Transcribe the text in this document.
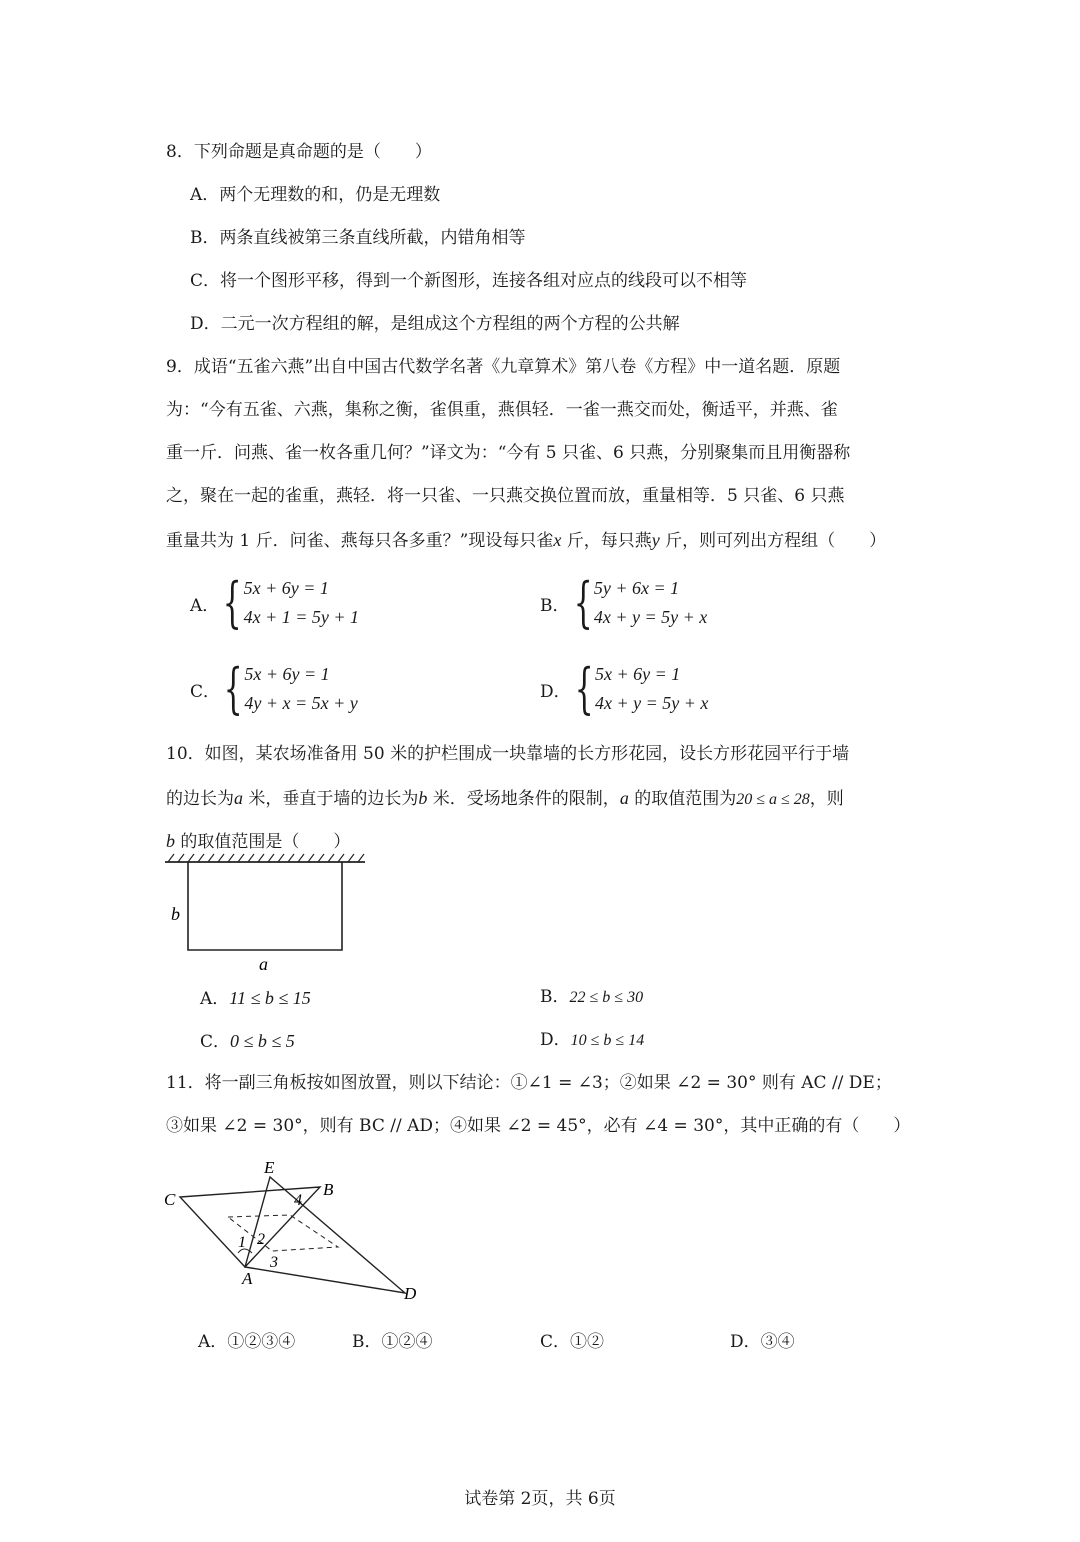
8．下列命题是真命题的是（　　）
A．两个无理数的和，仍是无理数
B．两条直线被第三条直线所截，内错角相等
C．将一个图形平移，得到一个新图形，连接各组对应点的线段可以不相等
D．二元一次方程组的解，是组成这个方程组的两个方程的公共解
9．成语“五雀六燕”出自中国古代数学名著《九章算术》第八卷《方程》中一道名题．原题
为：“今有五雀、六燕，集称之衡，雀俱重，燕俱轻．一雀一燕交而处，衡适平，并燕、雀
重一斤．问燕、雀一枚各重几何？”译文为：“今有 5 只雀、6 只燕，分别聚集而且用衡器称
之，聚在一起的雀重，燕轻．将一只雀、一只燕交换位置而放，重量相等．5 只雀、6 只燕
重量共为 1 斤．问雀、燕每只各多重？”现设每只雀x 斤，每只燕y 斤，则可列出方程组（　　）
A． { 5x + 6y = 1
4x + 1 = 5y + 1
B． { 5y + 6x = 1
4x + y = 5y + x
C． { 5x + 6y = 1
4y + x = 5x + y
D． { 5x + 6y = 1
4x + y = 5y + x
10．如图，某农场准备用 50 米的护栏围成一块靠墙的长方形花园，设长方形花园平行于墙
的边长为a 米，垂直于墙的边长为b 米．受场地条件的限制，a 的取值范围为20 ≤ a ≤ 28，则
b 的取值范围是（　　）
b
a
A．11 ≤ b ≤ 15	B．22 ≤ b ≤ 30
C．0 ≤ b ≤ 5	D．10 ≤ b ≤ 14
11．将一副三角板按如图放置，则以下结论：①∠1 = ∠3；②如果 ∠2 = 30° 则有 AC // DE；
③如果 ∠2 = 30°，则有 BC // AD；④如果 ∠2 = 45°，必有 ∠4 = 30°，其中正确的有（　　）
E
B
C
A
D
1 2
3
4
A．①②③④	B．①②④	C．①②	D．③④
试卷第 2页，共 6页
